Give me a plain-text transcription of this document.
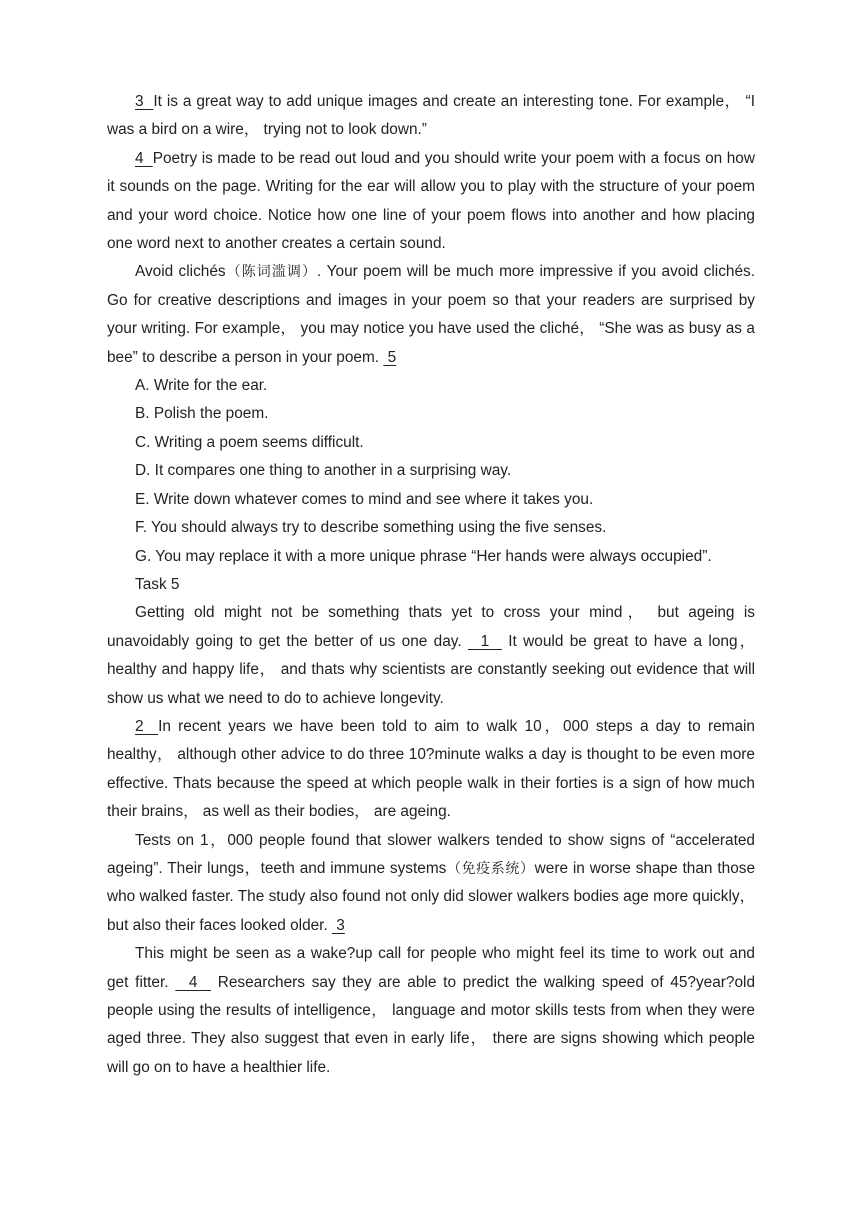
3  It is a great way to add unique images and create an interesting tone. For example， “I was a bird on a wire， trying not to look down.”

4  Poetry is made to be read out loud and you should write your poem with a focus on how it sounds on the page. Writing for the ear will allow you to play with the structure of your poem and your word choice. Notice how one line of your poem flows into another and how placing one word next to another creates a certain sound.

Avoid clichés（陈词滥调）. Your poem will be much more impressive if you avoid clichés. Go for creative descriptions and images in your poem so that your readers are surprised by your writing. For example， you may notice you have used the cliché， “She was as busy as a bee” to describe a person in your poem.  5

A. Write for the ear.

B. Polish the poem.

C. Writing a poem seems difficult.

D. It compares one thing to another in a surprising way.

E. Write down whatever comes to mind and see where it takes you.

F. You should always try to describe something using the five senses.

G. You may replace it with a more unique phrase “Her hands were always occupied”.

Task 5

Getting old might not be something thats yet to cross your mind， but ageing is unavoidably going to get the better of us one day.   1   It would be great to have a long，healthy and happy life， and thats why scientists are constantly seeking out evidence that will show us what we need to do to achieve longevity.

2  In recent years we have been told to aim to walk 10，000 steps a day to remain healthy， although other advice to do three 10?minute walks a day is thought to be even more effective. Thats because the speed at which people walk in their forties is a sign of how much their brains， as well as their bodies， are ageing.

Tests on 1，000 people found that slower walkers tended to show signs of “accelerated ageing”. Their lungs，teeth and immune systems（免疫系统）were in worse shape than those who walked faster. The study also found not only did slower walkers bodies age more quickly， but also their faces looked older.  3

This might be seen as a wake?up call for people who might feel its time to work out and get fitter.   4   Researchers say they are able to predict the walking speed of 45?year?old people using the results of intelligence， language and motor skills tests from when they were aged three. They also suggest that even in early life， there are signs showing which people will go on to have a healthier life.
